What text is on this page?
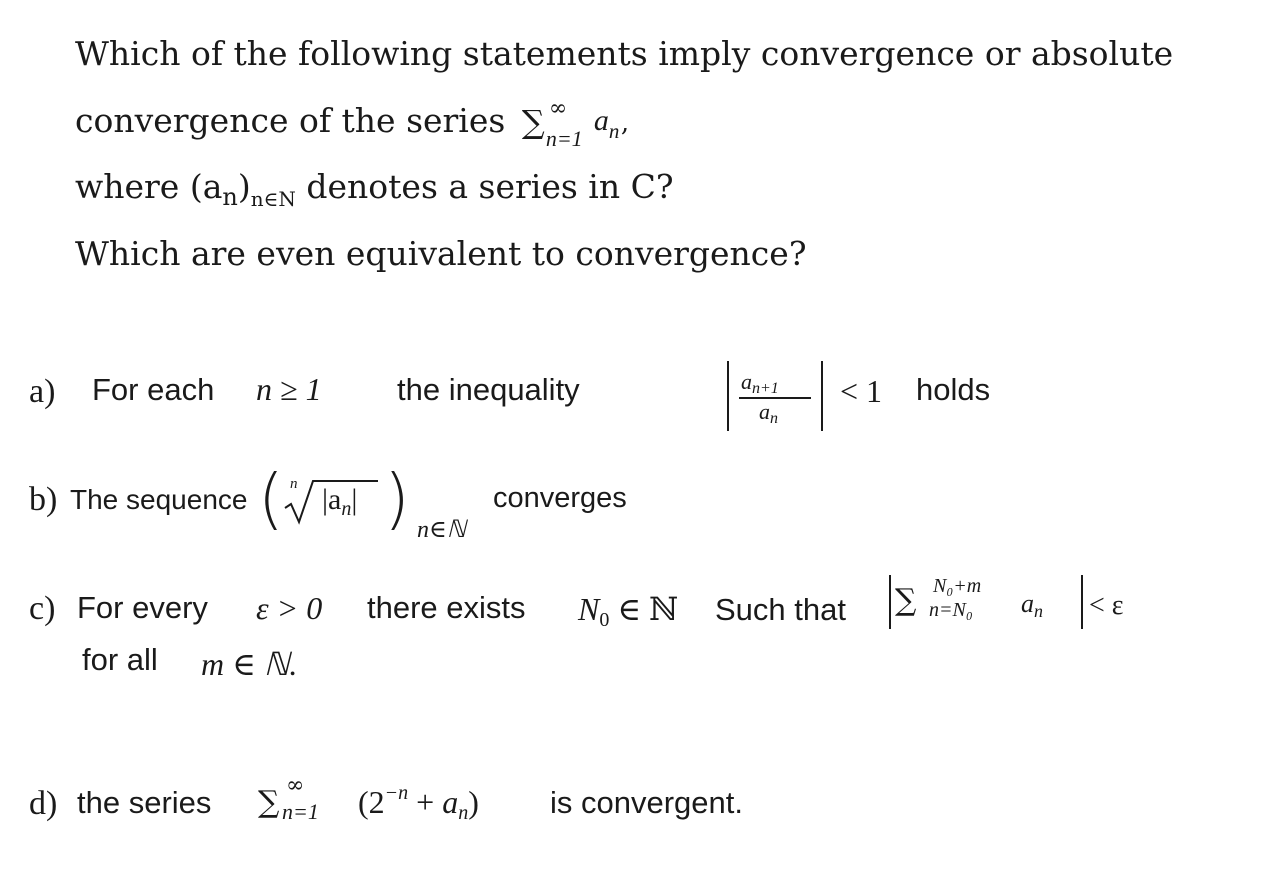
Which of the following statements imply convergence or absolute
convergence of the series ∑ ∞
n=1
a n ,
where $(a_n)_{n\in N}$ denotes a series in C?
Which are even equivalent to convergence?
a) For each n ≥ 1 the inequality	an+1
an
< 1 holds
b) The sequence ( n $|a_n|$ ) n∈ℕ
converges
c) For every ε > 0 there exists N0 ∈ ℕ Such that ∑ N₀+m
n=N₀ an < ε
for all m ∈ ℕ.
d) the series ∑ ∞
n=1 $(2^{-n} + an)$ is convergent.
